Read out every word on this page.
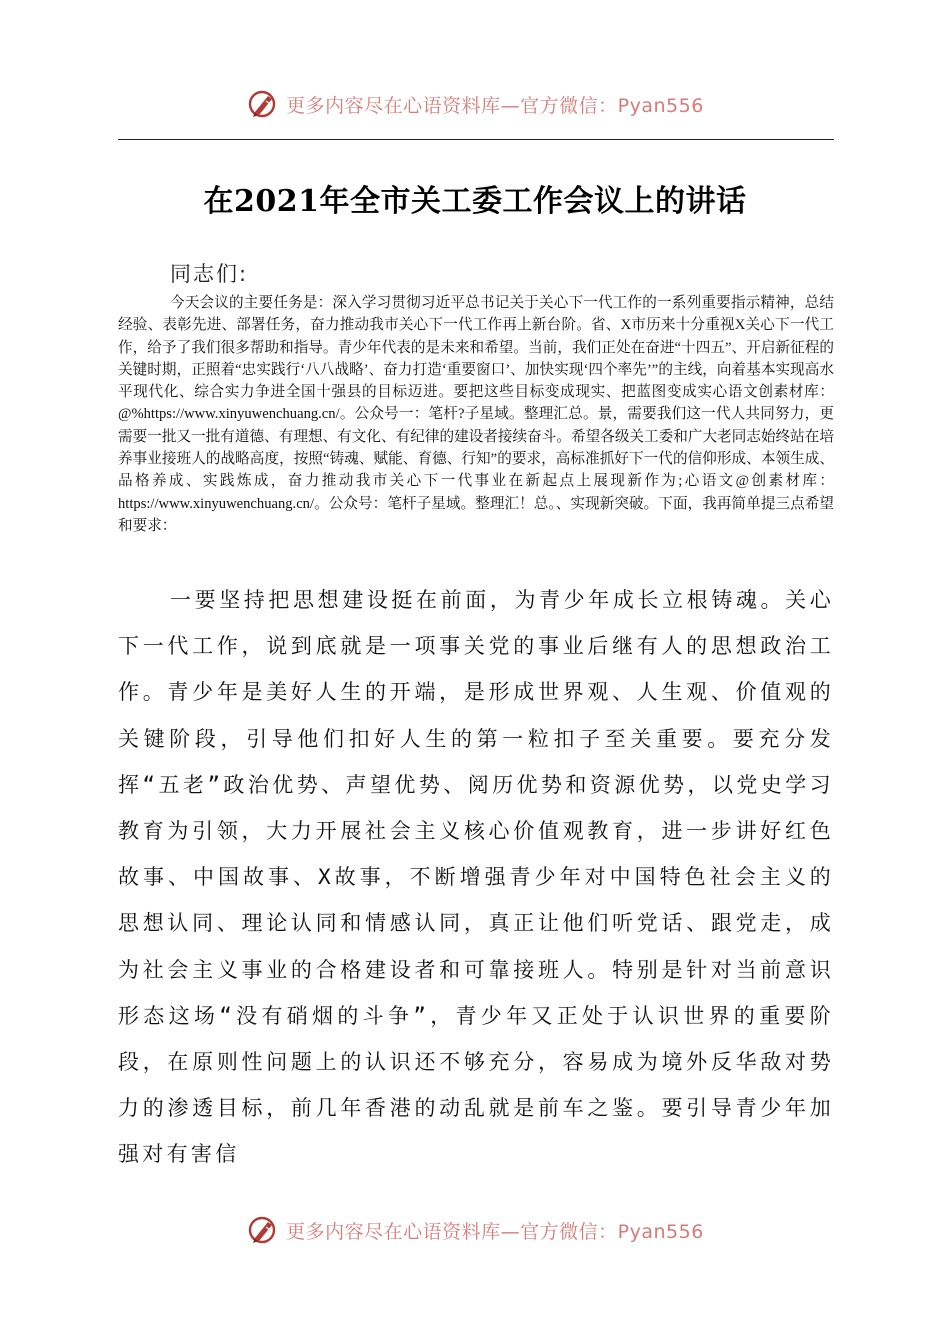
更多内容尽在心语资料库—官方微信：Pyan556
在2021年全市关工委工作会议上的讲话
同志们:

今天会议的主要任务是：深入学习贯彻习近平总书记关于关心下一代工作的一系列重要指示精神，总结经验、表彰先进、部署任务，奋力推动我市关心下一代工作再上新台阶。省、X市历来十分重视X关心下一代工作，给予了我们很多帮助和指导。青少年代表的是未来和希望。当前，我们正处在奋进“十四五”、开启新征程的关键时期，正照着“忠实践行‘八八战略’、奋力打造‘重要窗口’、加快实现‘四个率先’”的主线，向着基本实现高水平现代化、综合实力争进全国十强县的目标迈进。要把这些目标变成现实、把蓝图变成实心语文创素材库：@%https://www.xinyuwenchuang.cn/。公众号一：笔杆?子星域。整理汇总。景，需要我们这一代人共同努力，更需要一批又一批有道德、有理想、有文化、有纪律的建设者接续奋斗。希望各级关工委和广大老同志始终站在培养事业接班人的战略高度，按照“铸魂、赋能、育德、行知”的要求，高标准抓好下一代的信仰形成、本领生成、品格养成、实践炼成，奋力推动我市关心下一代事业在新起点上展现新作为;心语文@创素材库：https://www.xinyuwenchuang.cn/。公众号：笔杆子星域。整理汇！总。、实现新突破。下面，我再简单提三点希望和要求：

一要坚持把思想建设挺在前面，为青少年成长立根铸魂。关心下一代工作，说到底就是一项事关党的事业后继有人的思想政治工作。青少年是美好人生的开端，是形成世界观、人生观、价值观的关键阶段，引导他们扣好人生的第一粒扣子至关重要。要充分发挥“五老”政治优势、声望优势、阅历优势和资源优势，以党史学习教育为引领，大力开展社会主义核心价值观教育，进一步讲好红色故事、中国故事、X故事，不断增强青少年对中国特色社会主义的思想认同、理论认同和情感认同，真正让他们听党话、跟党走，成为社会主义事业的合格建设者和可靠接班人。特别是针对当前意识形态这场“没有硝烟的斗争”，青少年又正处于认识世界的重要阶段，在原则性问题上的认识还不够充分，容易成为境外反华敌对势力的渗透目标，前几年香港的动乱就是前车之鉴。要引导青少年加强对有害信

更多内容尽在心语资料库—官方微信：Pyan556
